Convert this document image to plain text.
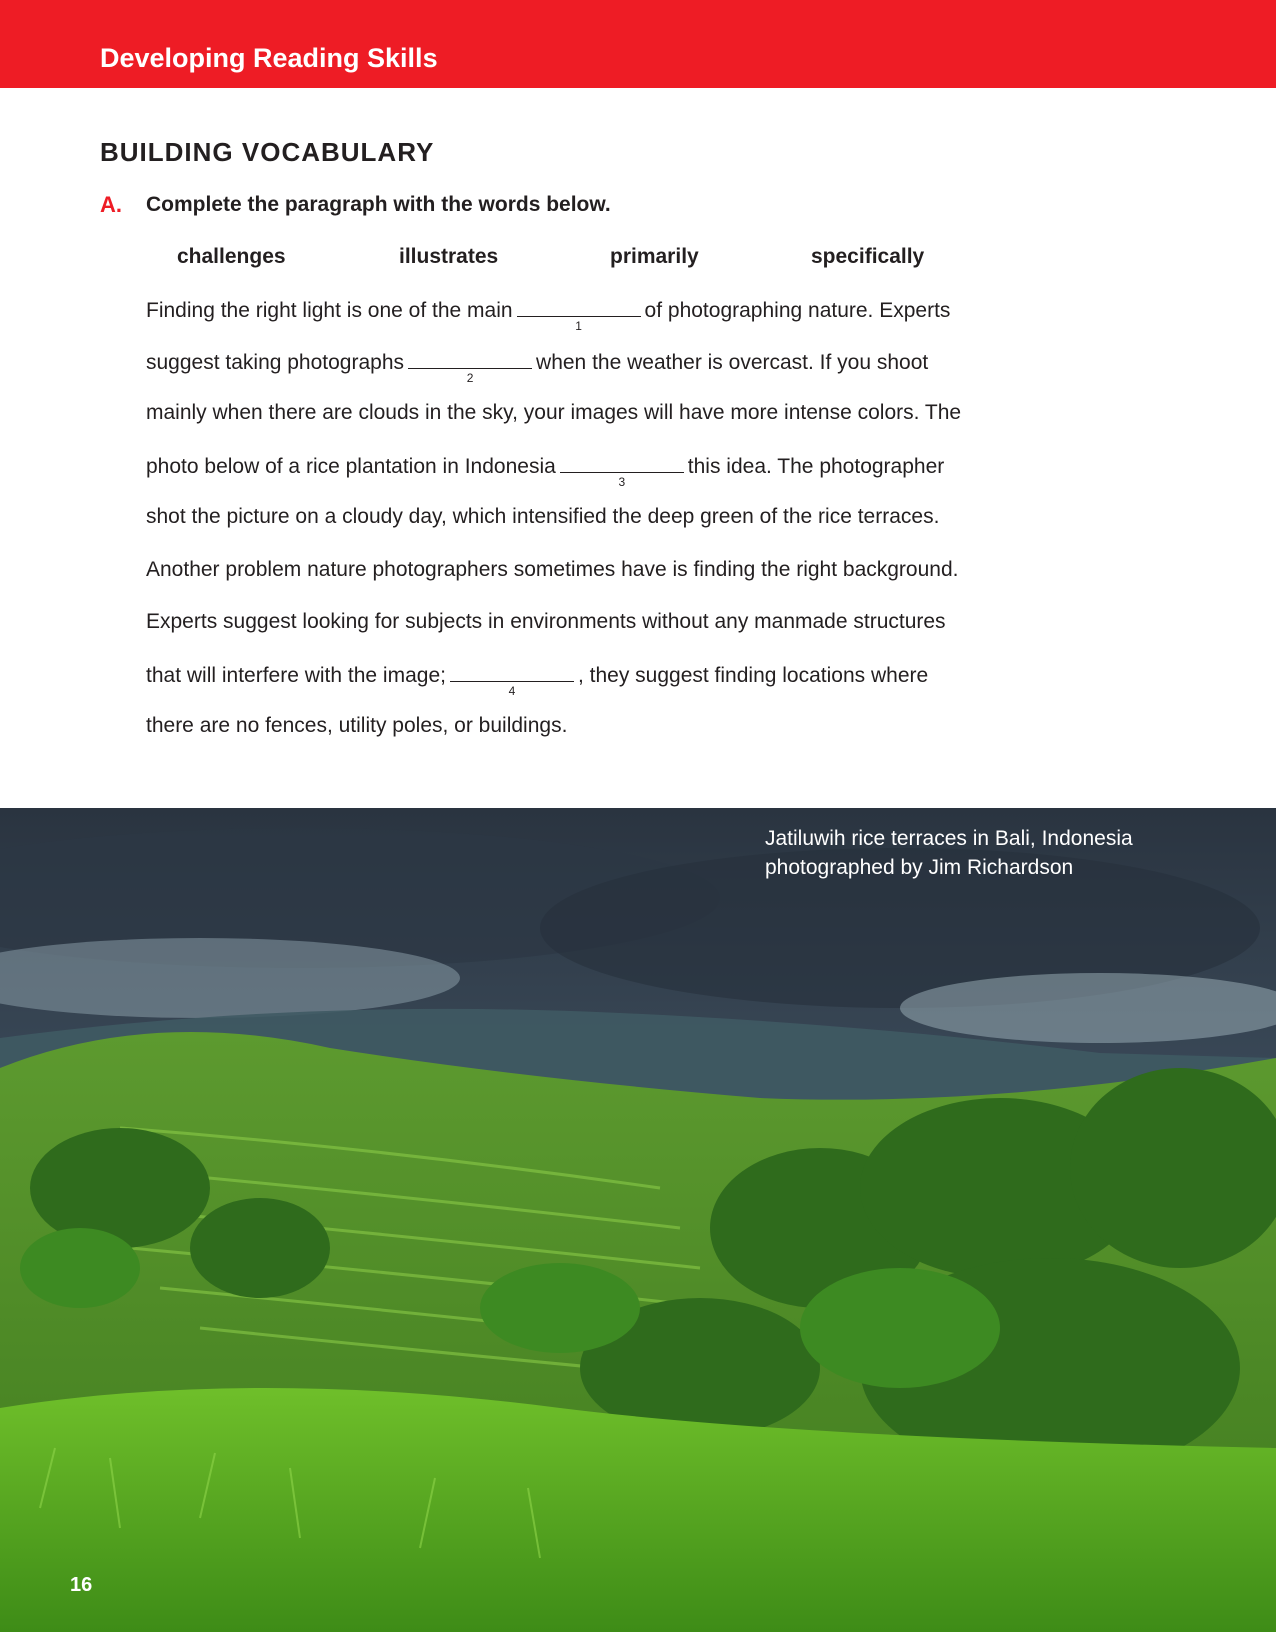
Developing Reading Skills
BUILDING VOCABULARY
A. Complete the paragraph with the words below.
challenges	illustrates	primarily	specifically
Finding the right light is one of the main
1
of photographing nature. Experts
suggest taking photographs
2
when the weather is overcast. If you shoot
mainly when there are clouds in the sky, your images will have more intense colors. The
photo below of a rice plantation in Indonesia
3
this idea. The photographer
shot the picture on a cloudy day, which intensified the deep green of the rice terraces.
Another problem nature photographers sometimes have is finding the right background.
Experts suggest looking for subjects in environments without any manmade structures
that will interfere with the image;
4
, they suggest finding locations where
there are no fences, utility poles, or buildings.
Jatiluwih rice terraces in Bali, Indonesia
photographed by Jim Richardson
16
